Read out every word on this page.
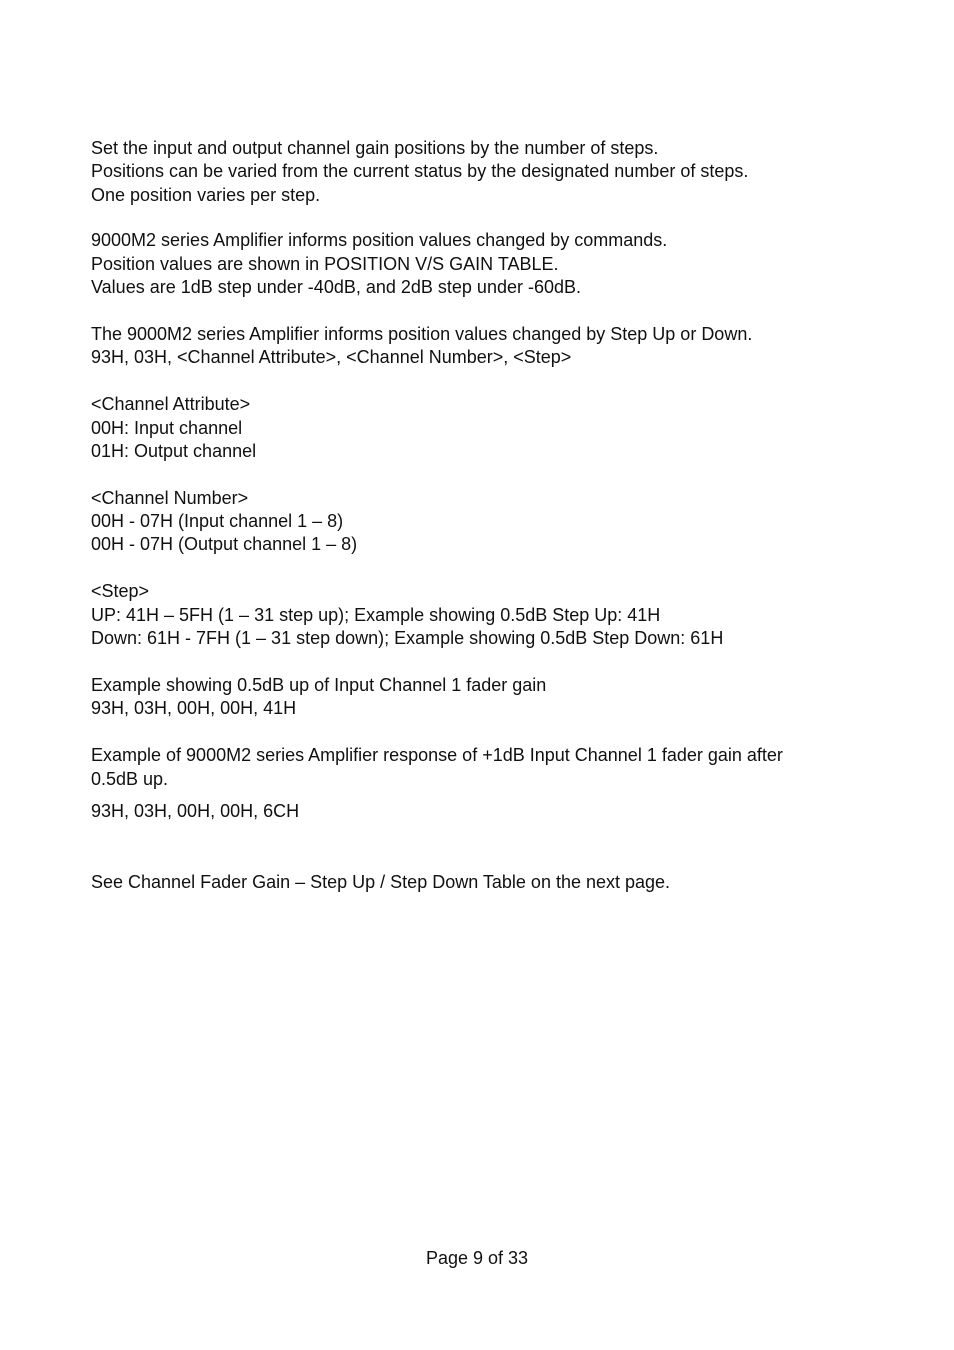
Set the input and output channel gain positions by the number of steps.
Positions can be varied from the current status by the designated number of steps.
One position varies per step.
9000M2 series Amplifier informs position values changed by commands.
Position values are shown in POSITION V/S GAIN TABLE.
Values are 1dB step under -40dB, and 2dB step under -60dB.
The 9000M2 series Amplifier informs position values changed by Step Up or Down.
93H, 03H, <Channel Attribute>, <Channel Number>, <Step>
<Channel Attribute>
00H: Input channel
01H: Output channel
<Channel Number>
00H - 07H (Input channel 1 – 8)
00H - 07H (Output channel 1 – 8)
<Step>
UP: 41H – 5FH (1 – 31 step up); Example showing 0.5dB Step Up: 41H
Down: 61H - 7FH (1 – 31 step down); Example showing 0.5dB Step Down: 61H
Example showing 0.5dB up of Input Channel 1 fader gain
93H, 03H, 00H, 00H, 41H
Example of 9000M2 series Amplifier response of +1dB Input Channel 1 fader gain after
0.5dB up.
93H, 03H, 00H, 00H, 6CH
See Channel Fader Gain – Step Up / Step Down Table on the next page.
Page 9 of 33
